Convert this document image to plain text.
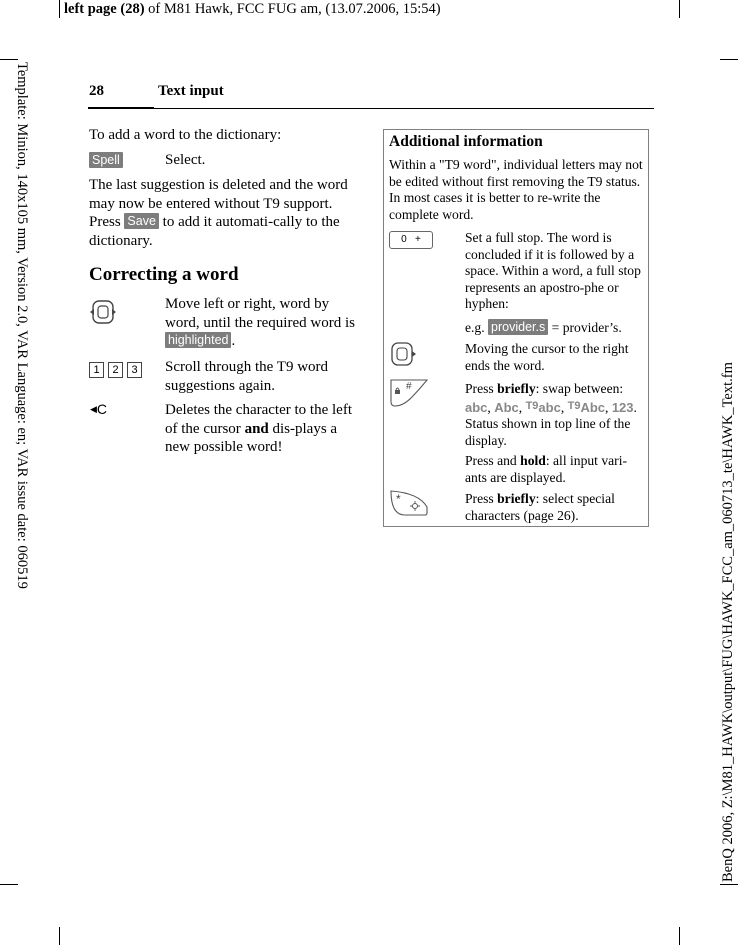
left page (28) of M81 Hawk, FCC FUG am, (13.07.2006, 15:54)
Template: Minion, 140x105 mm, Version 2.0, VAR Language: en; VAR issue date: 060519
BenQ 2006, Z:\M81_HAWK\output\FUG\HAWK_FCC_am_060713_te\HAWK_Text.fm
28	Text input
To add a word to the dictionary:
Spell	Select.
The last suggestion is deleted and the word may now be entered without T9 support. Press Save to add it automati-cally to the dictionary.
Correcting a word
Move left or right, word by word, until the required word is highlighted .
1 2 3 Scroll through the T9 word suggestions again.
◀C	Deletes the character to the left of the cursor and dis-plays a new possible word!
Additional information
Within a "T9 word", individual letters may not be edited without first removing the T9 status. In most cases it is better to re-write the complete word.
0 +	Set a full stop. The word is concluded if it is followed by a space. Within a word, a full stop represents an apostro-phe or hyphen:
e.g. provider.s = provider’s.
Moving the cursor to the right ends the word.
#	Press briefly: swap between: abc, Abc, $^{T9}$abc, $^{T9}$Abc, 123. Status shown in top line of the display.
Press and hold: all input vari-ants are displayed.
*	Press briefly: select special characters (page 26).
